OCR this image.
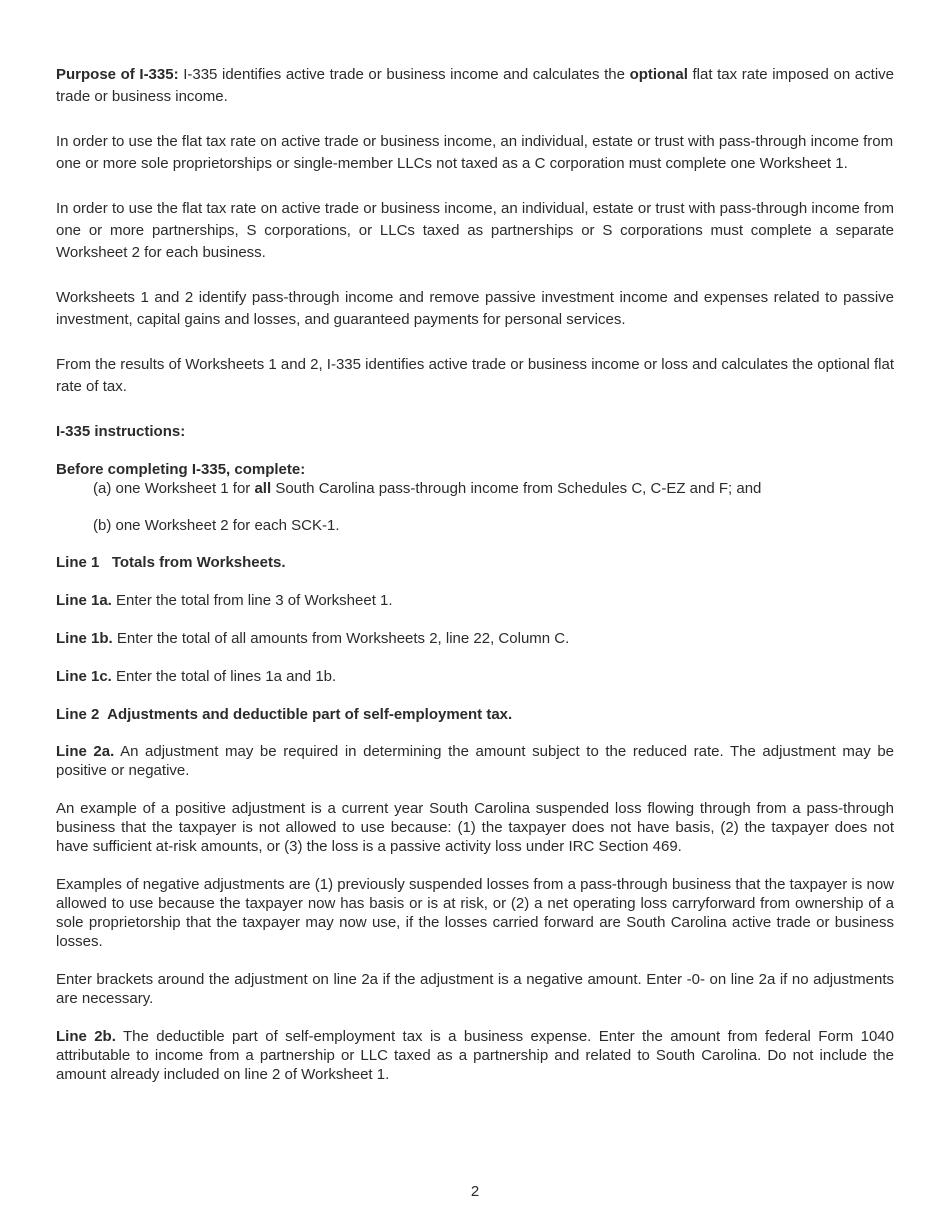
Purpose of I-335: I-335 identifies active trade or business income and calculates the optional flat tax rate imposed on active trade or business income.

In order to use the flat tax rate on active trade or business income, an individual, estate or trust with pass-through income from one or more sole proprietorships or single-member LLCs not taxed as a C corporation must complete one Worksheet 1.

In order to use the flat tax rate on active trade or business income, an individual, estate or trust with pass-through income from one or more partnerships, S corporations, or LLCs taxed as partnerships or S corporations must complete a separate Worksheet 2 for each business.

Worksheets 1 and 2 identify pass-through income and remove passive investment income and expenses related to passive investment, capital gains and losses, and guaranteed payments for personal services.

From the results of Worksheets 1 and 2, I-335 identifies active trade or business income or loss and calculates the optional flat rate of tax.

I-335 instructions:

Before completing I-335, complete:

(a) one Worksheet 1 for all South Carolina pass-through income from Schedules C, C-EZ and F; and

(b) one Worksheet 2 for each SCK-1.

Line 1   Totals from Worksheets.

Line 1a. Enter the total from line 3 of Worksheet 1.

Line 1b. Enter the total of all amounts from Worksheets 2, line 22, Column C.

Line 1c. Enter the total of lines 1a and 1b.

Line 2  Adjustments and deductible part of self-employment tax.

Line 2a. An adjustment may be required in determining the amount subject to the reduced rate. The adjustment may be positive or negative.

An example of a positive adjustment is a current year South Carolina suspended loss flowing through from a pass-through business that the taxpayer is not allowed to use because: (1) the taxpayer does not have basis, (2) the taxpayer does not have sufficient at-risk amounts, or (3) the loss is a passive activity loss under IRC Section 469.

Examples of negative adjustments are (1) previously suspended losses from a pass-through business that the taxpayer is now allowed to use because the taxpayer now has basis or is at risk, or (2) a net operating loss carryforward from ownership of a sole proprietorship that the taxpayer may now use, if the losses carried forward are South Carolina active trade or business losses.

Enter brackets around the adjustment on line 2a if the adjustment is a negative amount. Enter -0- on line 2a if no adjustments are necessary.

Line 2b. The deductible part of self-employment tax is a business expense. Enter the amount from federal Form 1040 attributable to income from a partnership or LLC taxed as a partnership and related to South Carolina. Do not include the amount already included on line 2 of Worksheet 1.

2
